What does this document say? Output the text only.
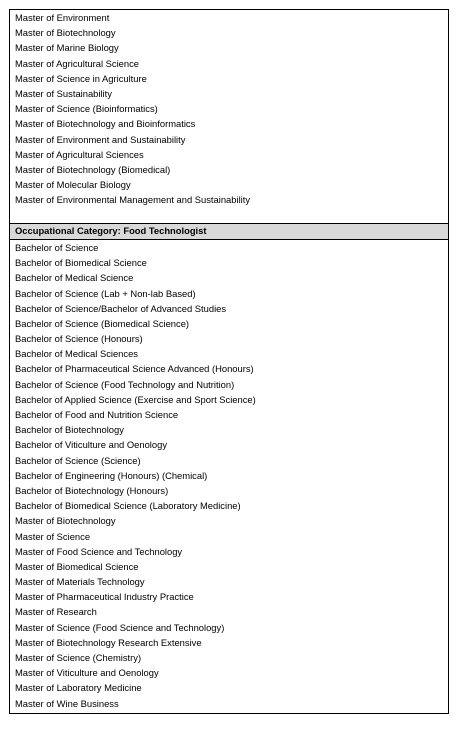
Master of Environment
Master of Biotechnology
Master of Marine Biology
Master of Agricultural Science
Master of Science in Agriculture
Master of Sustainability
Master of Science (Bioinformatics)
Master of Biotechnology and Bioinformatics
Master of Environment and Sustainability
Master of Agricultural Sciences
Master of Biotechnology (Biomedical)
Master of Molecular Biology
Master of Environmental Management and Sustainability
Occupational Category: Food Technologist
Bachelor of Science
Bachelor of Biomedical Science
Bachelor of Medical Science
Bachelor of Science (Lab + Non-lab Based)
Bachelor of Science/Bachelor of Advanced Studies
Bachelor of Science (Biomedical Science)
Bachelor of Science (Honours)
Bachelor of Medical Sciences
Bachelor of Pharmaceutical Science Advanced (Honours)
Bachelor of Science (Food Technology and Nutrition)
Bachelor of Applied Science (Exercise and Sport Science)
Bachelor of Food and Nutrition Science
Bachelor of Biotechnology
Bachelor of Viticulture and Oenology
Bachelor of Science (Science)
Bachelor of Engineering (Honours) (Chemical)
Bachelor of Biotechnology (Honours)
Bachelor of Biomedical Science (Laboratory Medicine)
Master of Biotechnology
Master of Science
Master of Food Science and Technology
Master of Biomedical Science
Master of Materials Technology
Master of Pharmaceutical Industry Practice
Master of Research
Master of Science (Food Science and Technology)
Master of Biotechnology Research Extensive
Master of Science (Chemistry)
Master of Viticulture and Oenology
Master of Laboratory Medicine
Master of Wine Business
